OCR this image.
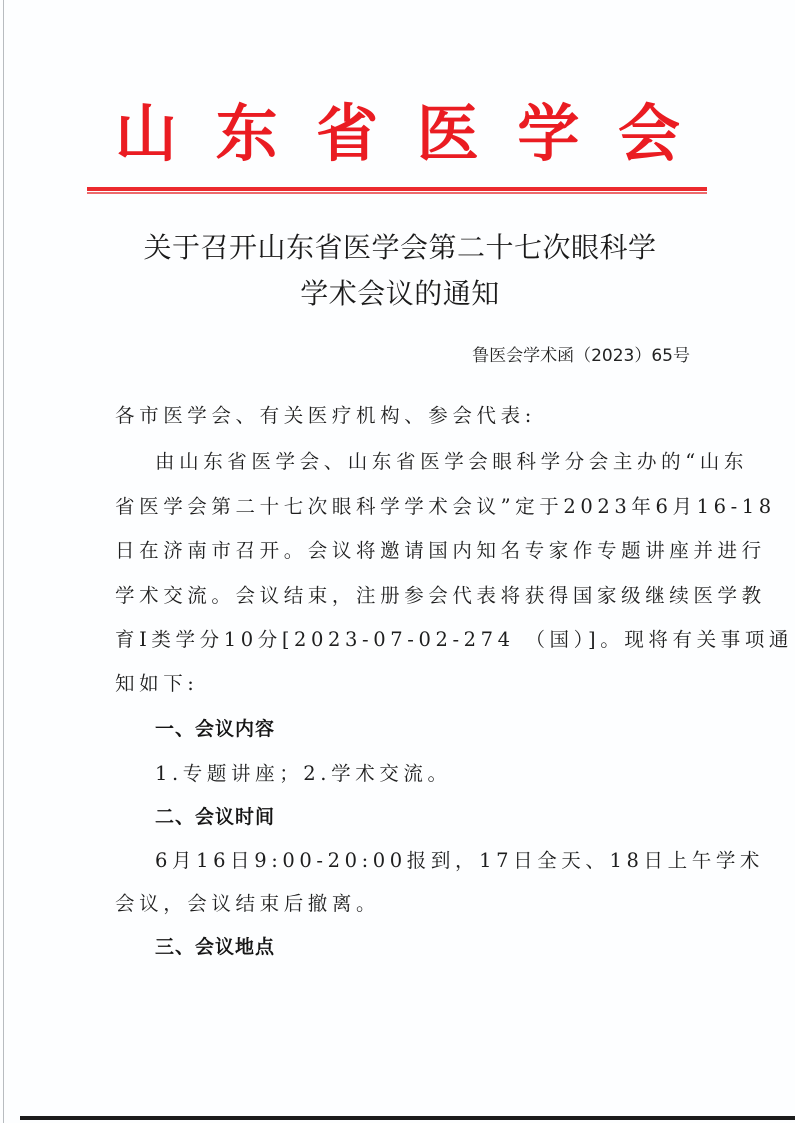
山 东 省 医 学 会
关于召开山东省医学会第二十七次眼科学
学术会议的通知
鲁医会学术函（2023）65号
各市医学会、有关医疗机构、参会代表:
由山东省医学会、山东省医学会眼科学分会主办的“山东
省医学会第二十七次眼科学学术会议”定于2023年6月16-18
日在济南市召开。会议将邀请国内知名专家作专题讲座并进行
学术交流。会议结束，注册参会代表将获得国家级继续医学教
育Ⅰ类学分10分[2023-07-02-274 （国）]。现将有关事项通
知如下:
一、会议内容
1.专题讲座；2.学术交流。
二、会议时间
6月16日9:00-20:00报到，17日全天、18日上午学术
会议，会议结束后撤离。
三、会议地点
